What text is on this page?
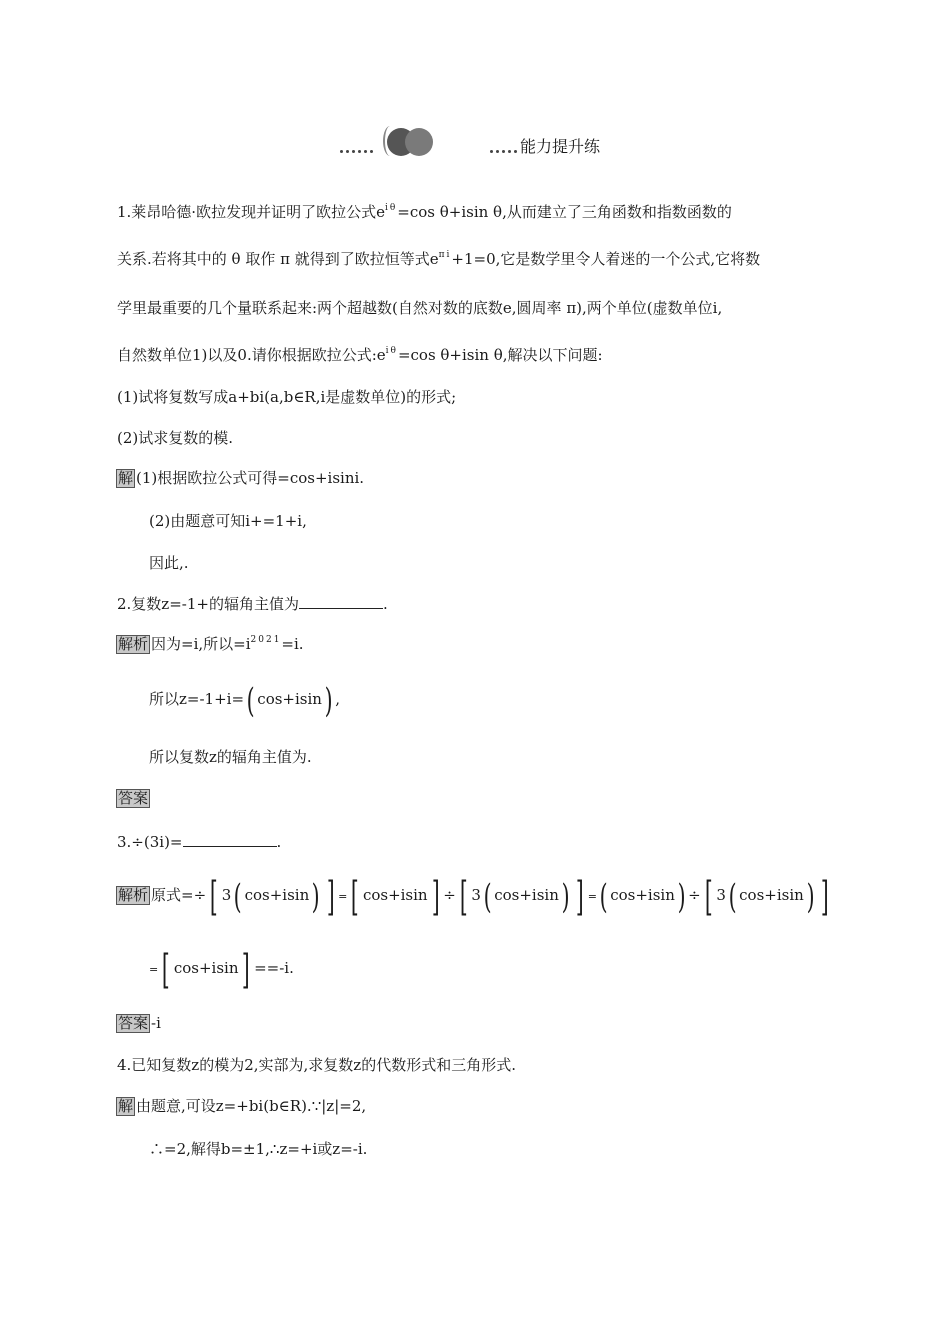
能力提升练
1.莱昂哈德·欧拉发现并证明了欧拉公式$e^{i\theta}=\cos$ θ+isin θ,从而建立了三角函数和指数函数的
关系.若将其中的 θ 取作 π 就得到了欧拉恒等式$e^{\pi i}+1=0$,它是数学里令人着迷的一个公式,它将数
学里最重要的几个量联系起来:两个超越数(自然对数的底数e,圆周率 π),两个单位(虚数单位i,
自然数单位1)以及0.请你根据欧拉公式$:e^{i\theta}=\cos$ θ+isin θ,解决以下问题:
(1)试将复数写成a+bi(a,b∈R,i是虚数单位)的形式;
(2)试求复数的模.
解 (1)根据欧拉公式可得=cos+isini.
(2)由题意可知i+=1+i,
因此,.
2.复数z=-1+的辐角主值为	.
解析 因为=i,所以$=i^{2021}=i$.
所以z=-1+i=( cos+isin) ,
所以复数z的辐角主值为.
答案
3.÷(3i)=	.
解析 原式=÷[ 3( cos+isin) ] =[ cos+isin] ÷[ 3( cos+isin) ] =( cos+isin) ÷[ 3( cos+isin) ]
=[ cos+isin] ==-i.
答案 -i
4.已知复数z的模为2,实部为,求复数z的代数形式和三角形式.
解 由题意,可设z=+bi(b∈R).∵|z|=2,
∴=2,解得b=±1,∴z=+i或z=-i.
